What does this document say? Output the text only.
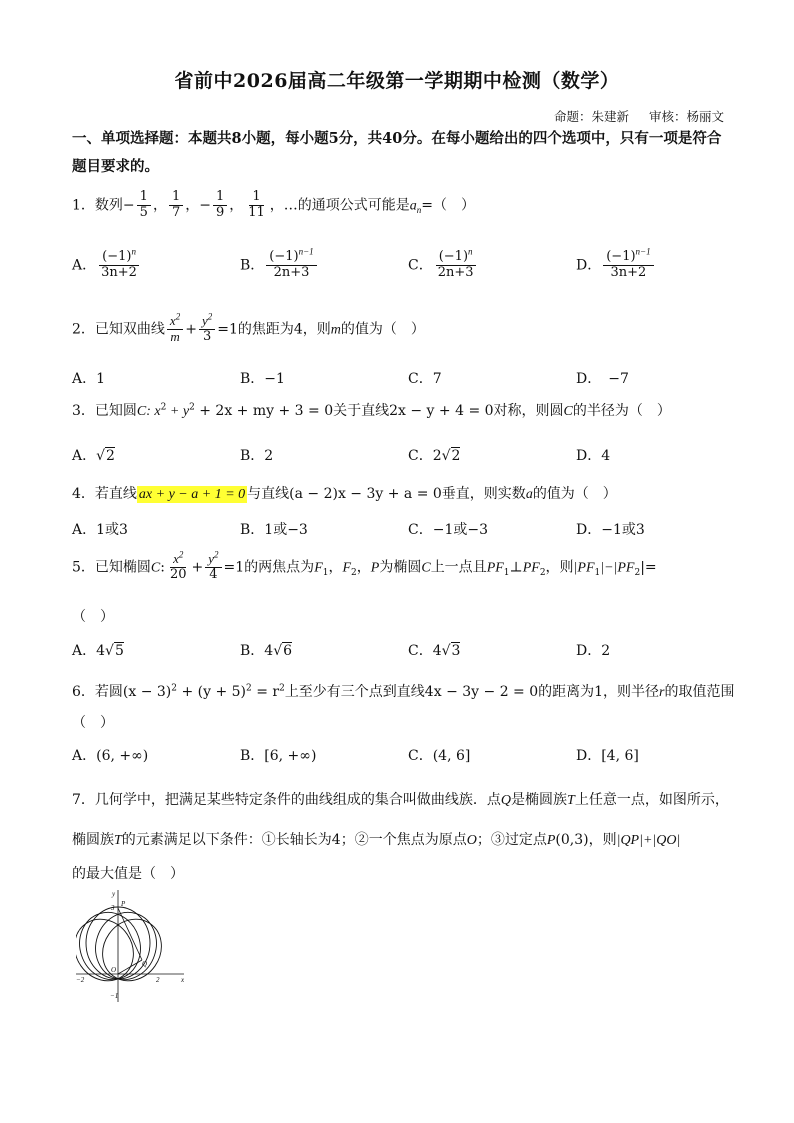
省前中2026届高二年级第一学期期中检测（数学）
命题：朱建新 审核：杨丽文
一、单项选择题：本题共8小题，每小题5分，共40分。在每小题给出的四个选项中，只有一项是符合题目要求的。
1．数列− $\frac{1}{5}$ ， $\frac{1}{7}$ ，− $\frac{1}{9}$ ， $\frac{1}{11}$ ，…的通项公式可能是$a_n=$（　）
A． $\frac{(-1)^n}{3n+2}$	B． $\frac{(-1)^{n-1}}{2n+3}$	C． $\frac{(-1)^n}{2n+3}$	D． $\frac{(-1)^{n-1}}{3n+2}$
2．已知双曲线 $\frac{x^2}{m} + \frac{y^2}{3} =1$的焦距为4，则m的值为（　）
A．1	B．−1	C．7	D．　−7
3．已知圆C: $x^2 + y^2 + 2x$ + my + 3 = 0关于直线2x − y + 4 = 0对称，则圆C的半径为（　）
A．√2	B．2	C．2√2	D．4
4．若直线 ax + y − a + 1 = 0 与直线(a − 2)x − 3y + a = 0垂直，则实数a的值为（　）
A．1或3	B．1或−3	C．−1或−3	D．−1或3
5．已知椭圆C: $\frac{x^2}{20} + \frac{y^2}{4} =1$的两焦点为$F_1$，$F_2$，P为椭圆C上一点且$PF_1\perp PF_2$，则$|PF_1|-|PF_2|=$
（　）
A．4√5	B．4√6	C．4√3	D．2
6．若圆$(x - 3)^2 + (y + 5)^2 = r^2$上至少有三个点到直线4x − 3y − 2 = 0的距离为1，则半径r的取值范围
（　）
A．(6, +∞)	B．[6, +∞)	C．(4, 6]	D．[4, 6]
7．几何学中，把满足某些特定条件的曲线组成的集合叫做曲线族．点Q是椭圆族T上任意一点，如图所示，
椭圆族T的元素满足以下条件：①长轴长为4；②一个焦点为原点O；③过定点P(0,3)，则|QP|+|QO|
的最大值是（　）
y
x
P
3
O
Q
2
−2
−1
